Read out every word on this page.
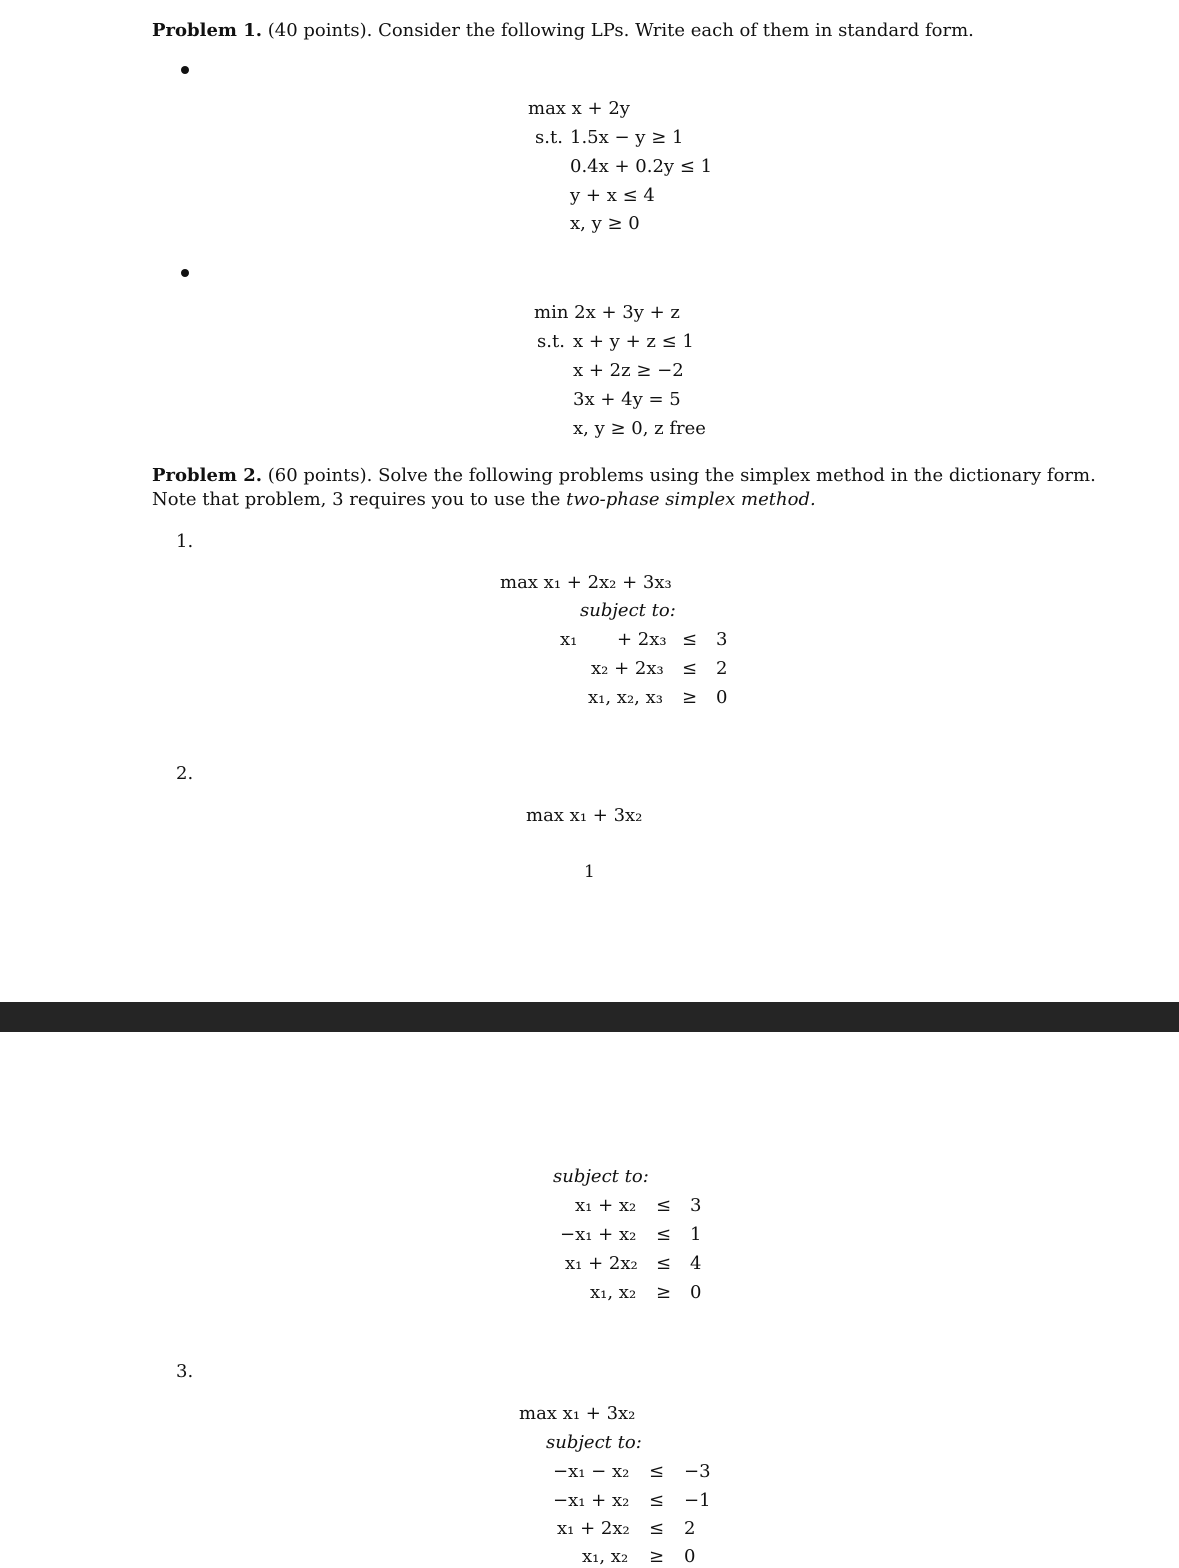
Problem 1. (40 points). Consider the following LPs. Write each of them in standard form.
max x + 2y
s.t. 1.5x − y ≥ 1
0.4x + 0.2y ≤ 1
y + x ≤ 4
x, y ≥ 0
min 2x + 3y + z
s.t. x + y + z ≤ 1
x + 2z ≥ −2
3x + 4y = 5
x, y ≥ 0, z free
Problem 2. (60 points). Solve the following problems using the simplex method in the dictionary form.
Note that problem, 3 requires you to use the two-phase simplex method.
1.
max x₁ + 2x₂ + 3x₃
subject to:
x₁ + 2x₃ ≤ 3
x₂ + 2x₃ ≤ 2
x₁, x₂, x₃ ≥ 0
2.
max x₁ + 3x₂
1
subject to:
x₁ + x₂ ≤ 3
−x₁ + x₂ ≤ 1
x₁ + 2x₂ ≤ 4
x₁, x₂ ≥ 0
3.
max x₁ + 3x₂
subject to:
−x₁ − x₂ ≤ −3
−x₁ + x₂ ≤ −1
x₁ + 2x₂ ≤ 2
x₁, x₂ ≥ 0
